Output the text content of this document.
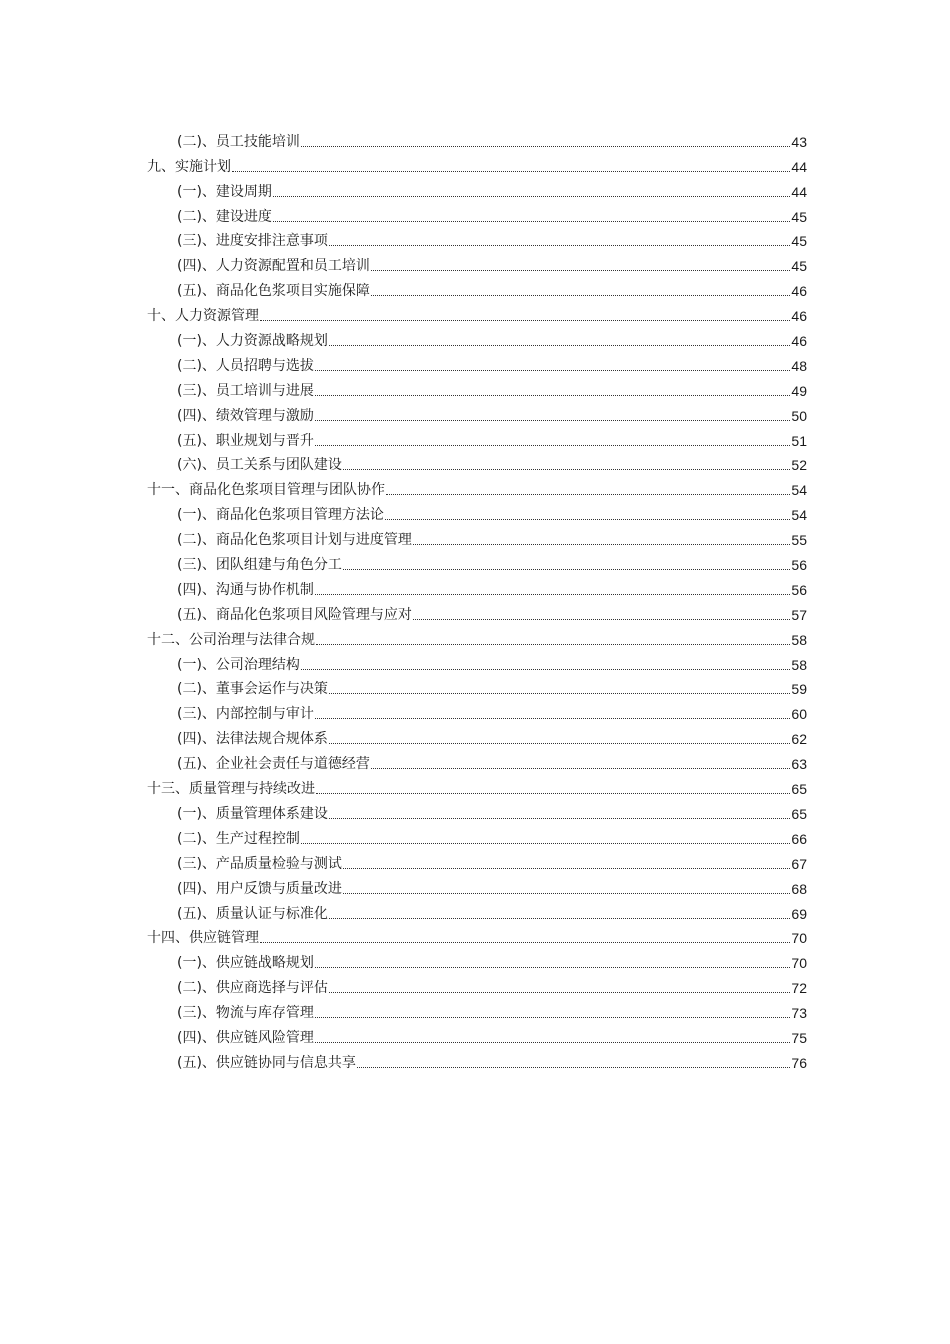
(二)、员工技能培训	43
九、实施计划	44
(一)、建设周期	44
(二)、建设进度	45
(三)、进度安排注意事项	45
(四)、人力资源配置和员工培训	45
(五)、商品化色浆项目实施保障	46
十、人力资源管理	46
(一)、人力资源战略规划	46
(二)、人员招聘与选拔	48
(三)、员工培训与进展	49
(四)、绩效管理与激励	50
(五)、职业规划与晋升	51
(六)、员工关系与团队建设	52
十一、商品化色浆项目管理与团队协作	54
(一)、商品化色浆项目管理方法论	54
(二)、商品化色浆项目计划与进度管理	55
(三)、团队组建与角色分工	56
(四)、沟通与协作机制	56
(五)、商品化色浆项目风险管理与应对	57
十二、公司治理与法律合规	58
(一)、公司治理结构	58
(二)、董事会运作与决策	59
(三)、内部控制与审计	60
(四)、法律法规合规体系	62
(五)、企业社会责任与道德经营	63
十三、质量管理与持续改进	65
(一)、质量管理体系建设	65
(二)、生产过程控制	66
(三)、产品质量检验与测试	67
(四)、用户反馈与质量改进	68
(五)、质量认证与标准化	69
十四、供应链管理	70
(一)、供应链战略规划	70
(二)、供应商选择与评估	72
(三)、物流与库存管理	73
(四)、供应链风险管理	75
(五)、供应链协同与信息共享	76
